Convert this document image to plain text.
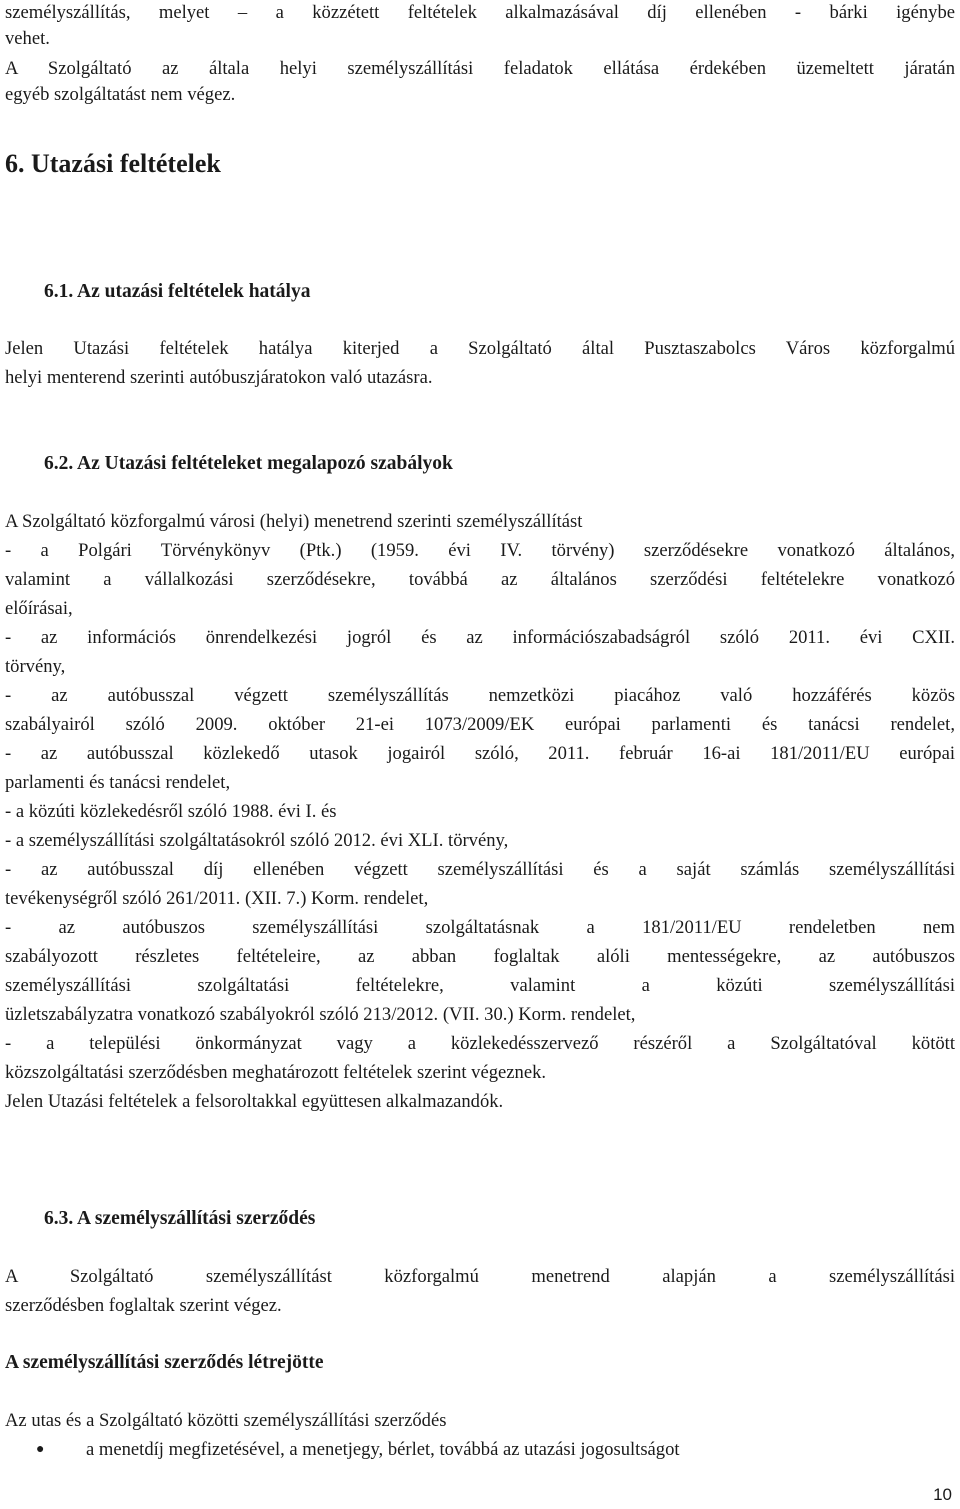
személyszállítás, melyet – a közzétett feltételek alkalmazásával díj ellenében - bárki igénybe
vehet.
A Szolgáltató az általa helyi személyszállítási feladatok ellátása érdekében üzemeltett járatán
egyéb szolgáltatást nem végez.
6. Utazási feltételek
6.1. Az utazási feltételek hatálya
Jelen Utazási feltételek hatálya kiterjed a Szolgáltató által Pusztaszabolcs Város közforgalmú
helyi menterend szerinti autóbuszjáratokon való utazásra.
6.2. Az Utazási feltételeket megalapozó szabályok
A Szolgáltató közforgalmú városi (helyi) menetrend szerinti személyszállítást
- a Polgári Törvénykönyv (Ptk.) (1959. évi IV. törvény) szerződésekre vonatkozó általános,
valamint a vállalkozási szerződésekre, továbbá az általános szerződési feltételekre vonatkozó
előírásai,
- az információs önrendelkezési jogról és az információszabadságról szóló 2011. évi CXII.
törvény,
- az autóbusszal végzett személyszállítás nemzetközi piacához való hozzáférés közös
szabályairól szóló 2009. október 21-ei 1073/2009/EK európai parlamenti és tanácsi rendelet,
- az autóbusszal közlekedő utasok jogairól szóló, 2011. február 16-ai 181/2011/EU európai
parlamenti és tanácsi rendelet,
- a közúti közlekedésről szóló 1988. évi I. és
- a személyszállítási szolgáltatásokról szóló 2012. évi XLI. törvény,
- az autóbusszal díj ellenében végzett személyszállítási és a saját számlás személyszállítási
tevékenységről szóló 261/2011. (XII. 7.) Korm. rendelet,
- az autóbuszos személyszállítási szolgáltatásnak a 181/2011/EU rendeletben nem
szabályozott részletes feltételeire, az abban foglaltak alóli mentességekre, az autóbuszos
személyszállítási szolgáltatási feltételekre, valamint a közúti személyszállítási
üzletszabályzatra vonatkozó szabályokról szóló 213/2012. (VII. 30.) Korm. rendelet,
- a települési önkormányzat vagy a közlekedésszervező részéről a Szolgáltatóval kötött
közszolgáltatási szerződésben meghatározott feltételek szerint végeznek.
Jelen Utazási feltételek a felsoroltakkal együttesen alkalmazandók.
6.3. A személyszállítási szerződés
A Szolgáltató személyszállítást közforgalmú menetrend alapján a személyszállítási
szerződésben foglaltak szerint végez.
A személyszállítási szerződés létrejötte
Az utas és a Szolgáltató közötti személyszállítási szerződés
● a menetdíj megfizetésével, a menetjegy, bérlet, továbbá az utazási jogosultságot
10
